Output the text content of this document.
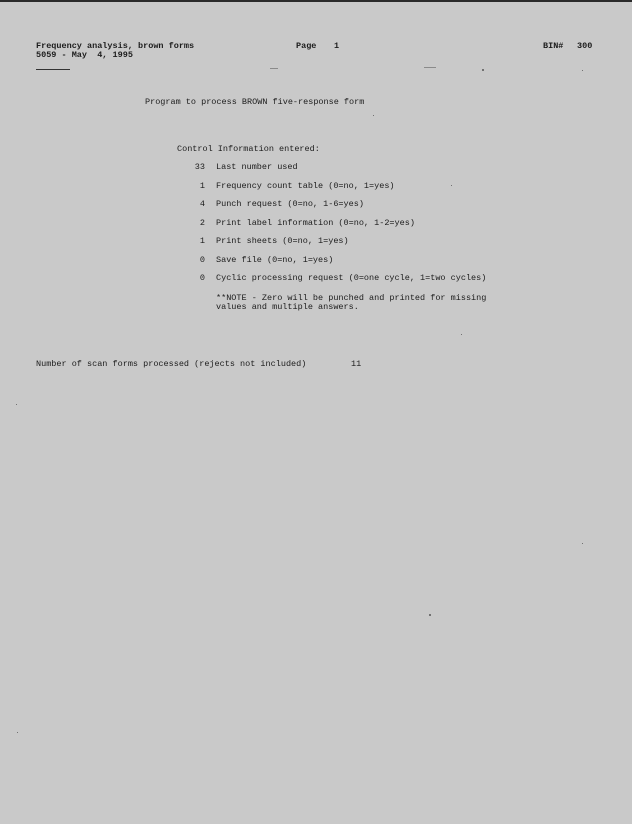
Frequency analysis, brown forms
5059 - May  4, 1995
Page 1	BIN# 300
Program to process BROWN five-response form
Control Information entered:
33 Last number used
1 Frequency count table (0=no, 1=yes)
4 Punch request (0=no, 1-6=yes)
2 Print label information (0=no, 1-2=yes)
1 Print sheets (0=no, 1=yes)
0 Save file (0=no, 1=yes)
0 Cyclic processing request (0=one cycle, 1=two cycles)
**NOTE - Zero will be punched and printed for missing
values and multiple answers.
Number of scan forms processed (rejects not included)	11
